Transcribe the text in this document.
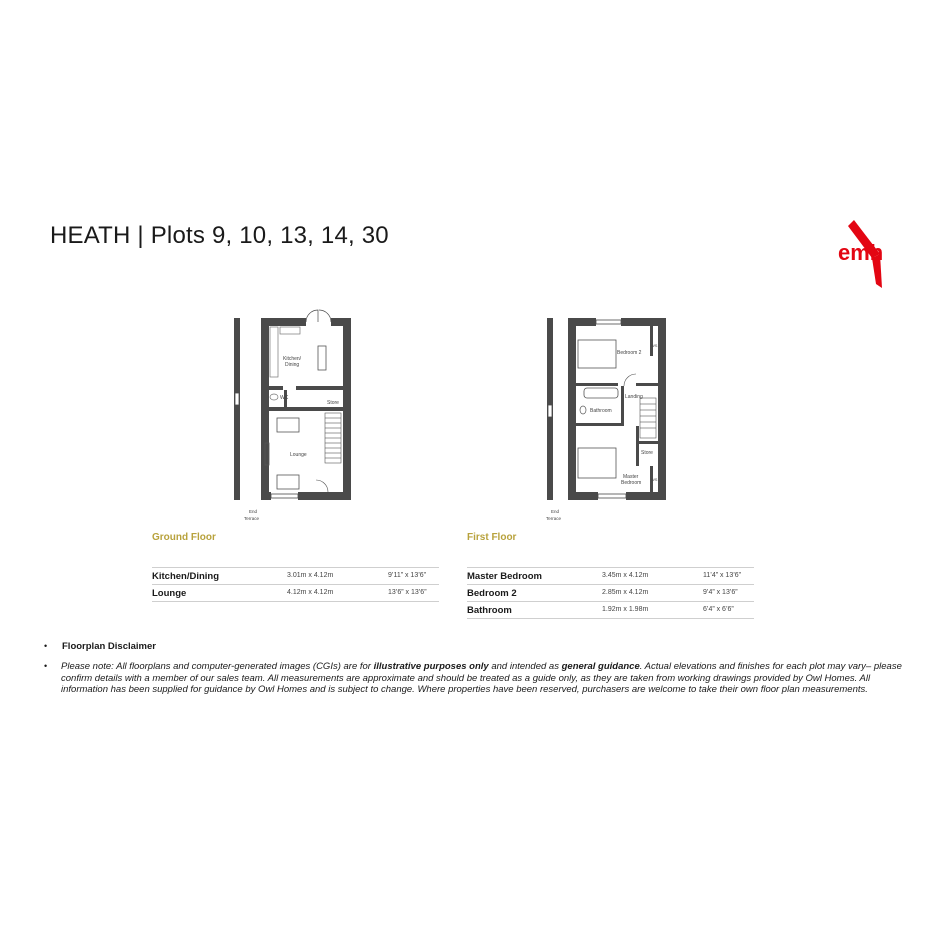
HEATH | Plots 9, 10, 13, 14, 30
emh
Kitchen/
Dining
WC
Store
Lounge
End
Terrace
Bedroom 2
WS
Landing
Bathroom
Store
Master
Bedroom
WS
End
Terrace
Ground Floor
Kitchen/Dining	3.01m x 4.12m	9’11” x 13’6”
Lounge	4.12m x 4.12m	13’6” x 13’6”
First Floor
Master Bedroom	3.45m x 4.12m	11’4” x 13’6”
Bedroom 2	2.85m x 4.12m	9’4” x 13’6”
Bathroom	1.92m x 1.98m	6’4” x 6’6”
• Floorplan Disclaimer
• Please note: All floorplans and computer-generated images (CGIs) are for illustrative purposes only and intended as general guidance. Actual elevations and finishes for each plot may vary– please confirm details with a member of our sales team. All measurements are approximate and should be treated as a guide only, as they are taken from working drawings provided by Owl Homes. All information has been supplied for guidance by Owl Homes and is subject to change. Where properties have been reserved, purchasers are welcome to take their own floor plan measurements.
